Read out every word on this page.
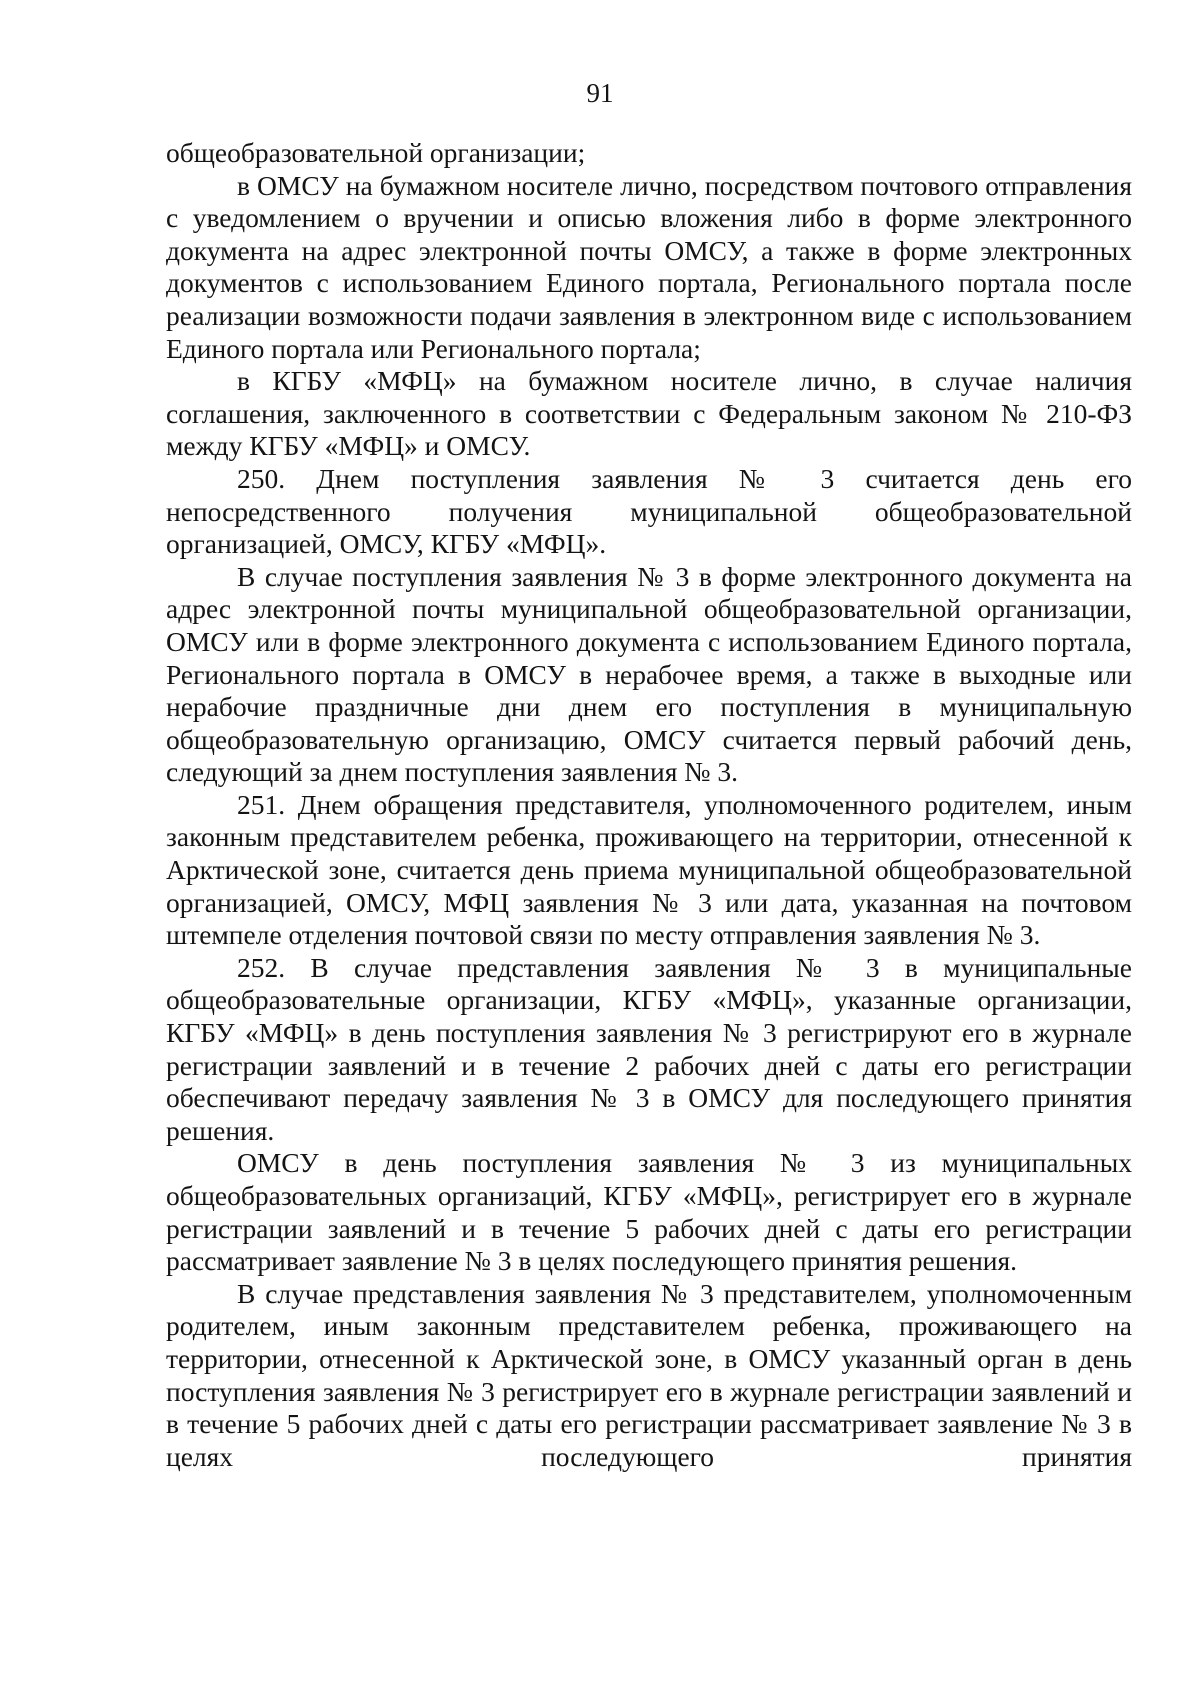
91

общеобразовательной организации;

в ОМСУ на бумажном носителе лично, посредством почтового отправления с уведомлением о вручении и описью вложения либо в форме электронного документа на адрес электронной почты ОМСУ, а также в форме электронных документов с использованием Единого портала, Регионального портала после реализации возможности подачи заявления в электронном виде с использованием Единого портала или Регионального портала;

в КГБУ «МФЦ» на бумажном носителе лично, в случае наличия соглашения, заключенного в соответствии с Федеральным законом № 210-ФЗ между КГБУ «МФЦ» и ОМСУ.

250. Днем поступления заявления № 3 считается день его непосредственного получения муниципальной общеобразовательной организацией, ОМСУ, КГБУ «МФЦ».

В случае поступления заявления № 3 в форме электронного документа на адрес электронной почты муниципальной общеобразовательной организации, ОМСУ или в форме электронного документа с использованием Единого портала, Регионального портала в ОМСУ в нерабочее время, а также в выходные или нерабочие праздничные дни днем его поступления в муниципальную общеобразовательную организацию, ОМСУ считается первый рабочий день, следующий за днем поступления заявления № 3.

251. Днем обращения представителя, уполномоченного родителем, иным законным представителем ребенка, проживающего на территории, отнесенной к Арктической зоне, считается день приема муниципальной общеобразовательной организацией, ОМСУ, МФЦ заявления № 3 или дата, указанная на почтовом штемпеле отделения почтовой связи по месту отправления заявления № 3.

252. В случае представления заявления № 3 в муниципальные общеобразовательные организации, КГБУ «МФЦ», указанные организации, КГБУ «МФЦ» в день поступления заявления № 3 регистрируют его в журнале регистрации заявлений и в течение 2 рабочих дней с даты его регистрации обеспечивают передачу заявления № 3 в ОМСУ для последующего принятия решения.

ОМСУ в день поступления заявления № 3 из муниципальных общеобразовательных организаций, КГБУ «МФЦ», регистрирует его в журнале регистрации заявлений и в течение 5 рабочих дней с даты его регистрации рассматривает заявление № 3 в целях последующего принятия решения.

В случае представления заявления № 3 представителем, уполномоченным родителем, иным законным представителем ребенка, проживающего на территории, отнесенной к Арктической зоне, в ОМСУ указанный орган в день поступления заявления № 3 регистрирует его в журнале регистрации заявлений и в течение 5 рабочих дней с даты его регистрации рассматривает заявление № 3 в целях последующего принятия
